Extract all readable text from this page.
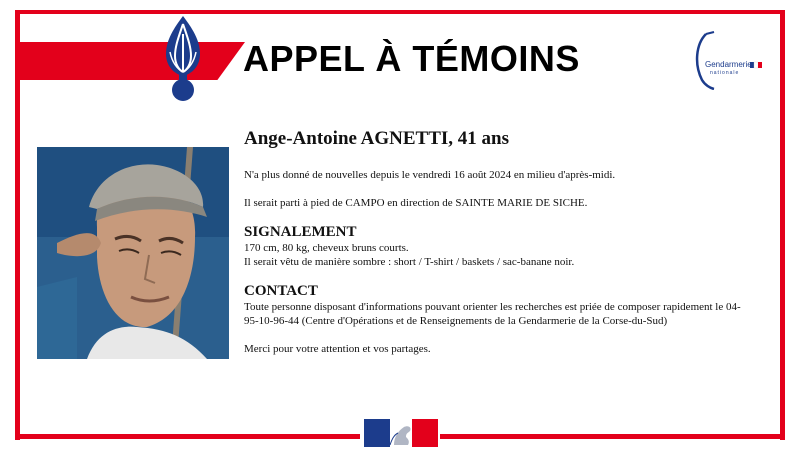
APPEL À TÉMOINS	Gendarmerie
nationale

Ange-Antoine AGNETTI, 41 ans

N'a plus donné de nouvelles depuis le vendredi 16 août 2024 en milieu d'après-midi.

Il serait parti à pied de CAMPO en direction de SAINTE MARIE DE SICHE.

SIGNALEMENT

170 cm, 80 kg, cheveux bruns courts.

Il serait vêtu de manière sombre : short / T-shirt / baskets / sac-banane noir.

CONTACT

Toute personne disposant d'informations pouvant orienter les recherches est priée de composer rapidement le 04-95-10-96-44 (Centre d'Opérations et de Renseignements de la Gendarmerie de la Corse-du-Sud)

Merci pour votre attention et vos partages.
